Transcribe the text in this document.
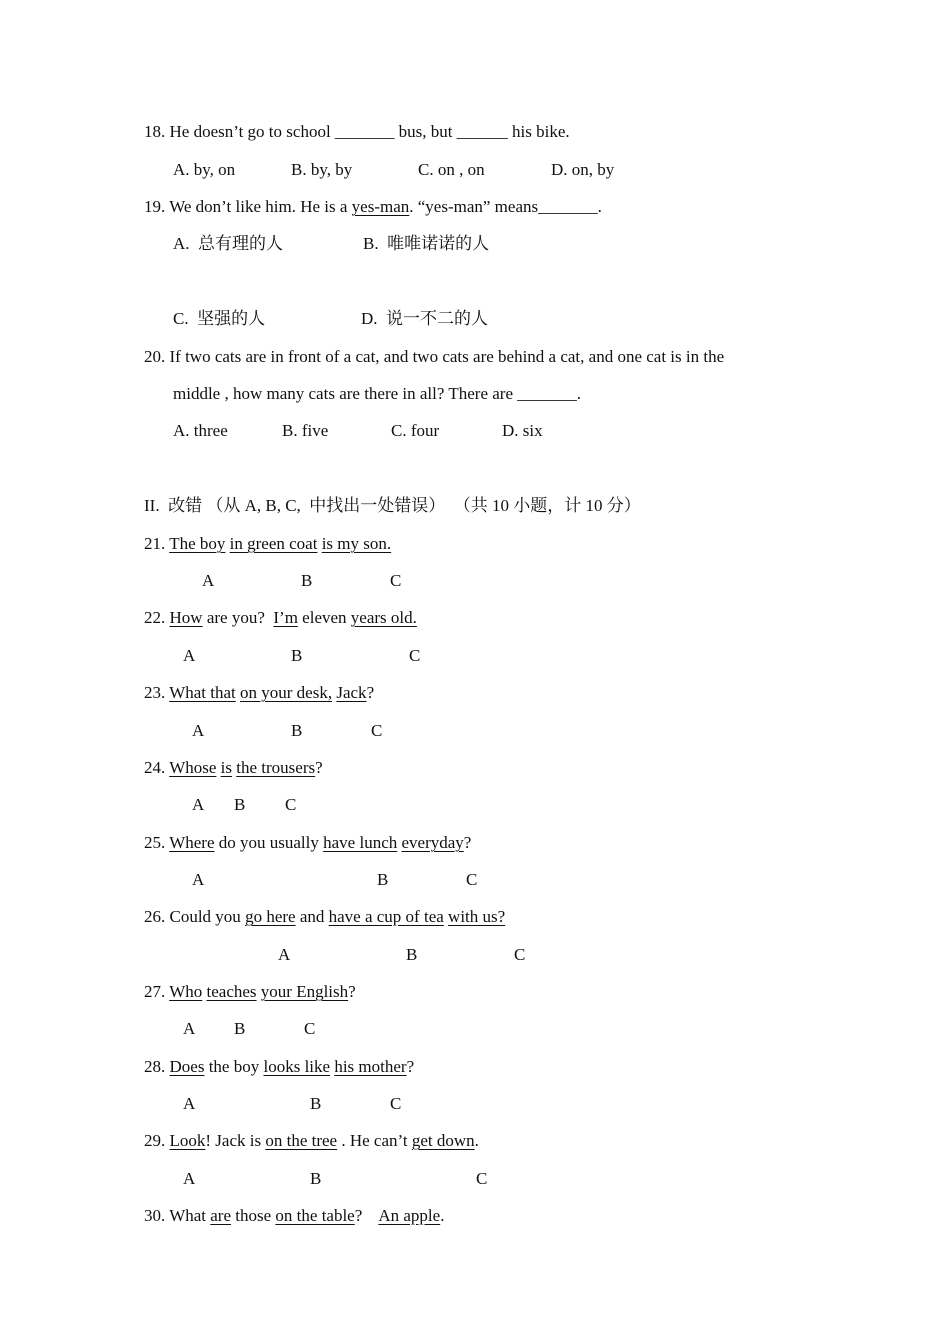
18. He doesn’t go to school _______ bus, but ______ his bike.
A. by, on	B. by, by	C. on , on	D. on, by
19. We don’t like him. He is a yes-man. “yes-man” means_______.
A.  总有理的人	B.  唯唯诺诺的人
C.  坚强的人	D.  说一不二的人
20. If two cats are in front of a cat, and two cats are behind a cat, and one cat is in the
middle , how many cats are there in all? There are _______.
A. three	B. five	C. four	D. six
II.  改错 （从 A, B, C,  中找出一处错误）  （共 10 小题，计 10 分）
21. The boy in green coat is my son.
A	B	C
22. How are you?  I’m eleven years old.
A	B	C
23. What that on your desk, Jack?
A	B	C
24. Whose is the trousers?
A B C
25. Where do you usually have lunch everyday?
A	B	C
26. Could you go here and have a cup of tea with us?
A	B	C
27. Who teaches your English?
A B	C
28. Does the boy looks like his mother?
A	B	C
29. Look! Jack is on the tree . He can’t get down.
A	B	C
30. What are those on the table?    An apple.
